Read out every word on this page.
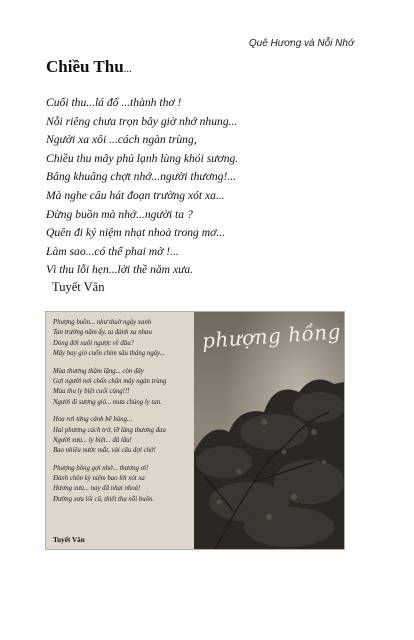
Quê Hương và Nỗi Nhớ
Chiều Thu...
Cuối thu...lá đổ ...thành thơ !
Nỗi riêng chưa trọn bây giờ nhớ nhung...
Người xa xôi ...cách ngàn trùng,
Chiều thu mây phủ lạnh lùng khói sương.
Bâng khuâng chợt nhớ...người thương!...
Mà nghe câu hát đoạn trường xót xa...
Đừng buồn mà nhớ...người ta ?
Quên đi kỷ niệm nhạt nhoà trong mơ...
Làm sao...có thể phai mờ !...
Vì thu lỗi hẹn...lời thề năm xưa.
Tuyết Vân
Phượng buồn... như thuở ngày xanh
Tan trường năm ấy, ta đành xa nhau
Dòng đời xuôi ngược về đâu?
Mây bay gió cuốn chìm sâu tháng ngày...
Mùa thương thầm lặng... còn đây
Gợi người nơi chốn chân mây ngàn trùng
Mùa thu ly biệt cuối cùng!!!
Người đi sương gió... mưa chùng ly tan.
Hoa rơi từng cánh bẽ bàng...
Hai phương cách trở, lỡ làng thương đau
Người xưa... ly biệt... đã lâu!
Bao nhiêu nước mắt, vài câu đợi chờ!
Phượng hồng gợi nhớ... thương ơi!
Đành chôn kỷ niệm bao lời xót xa
Hương xưa... nay đã nhạt nhoà!
Đường xưa lối cũ, thiết tha nỗi buồn.
Tuyết Vân
phượng hồng
